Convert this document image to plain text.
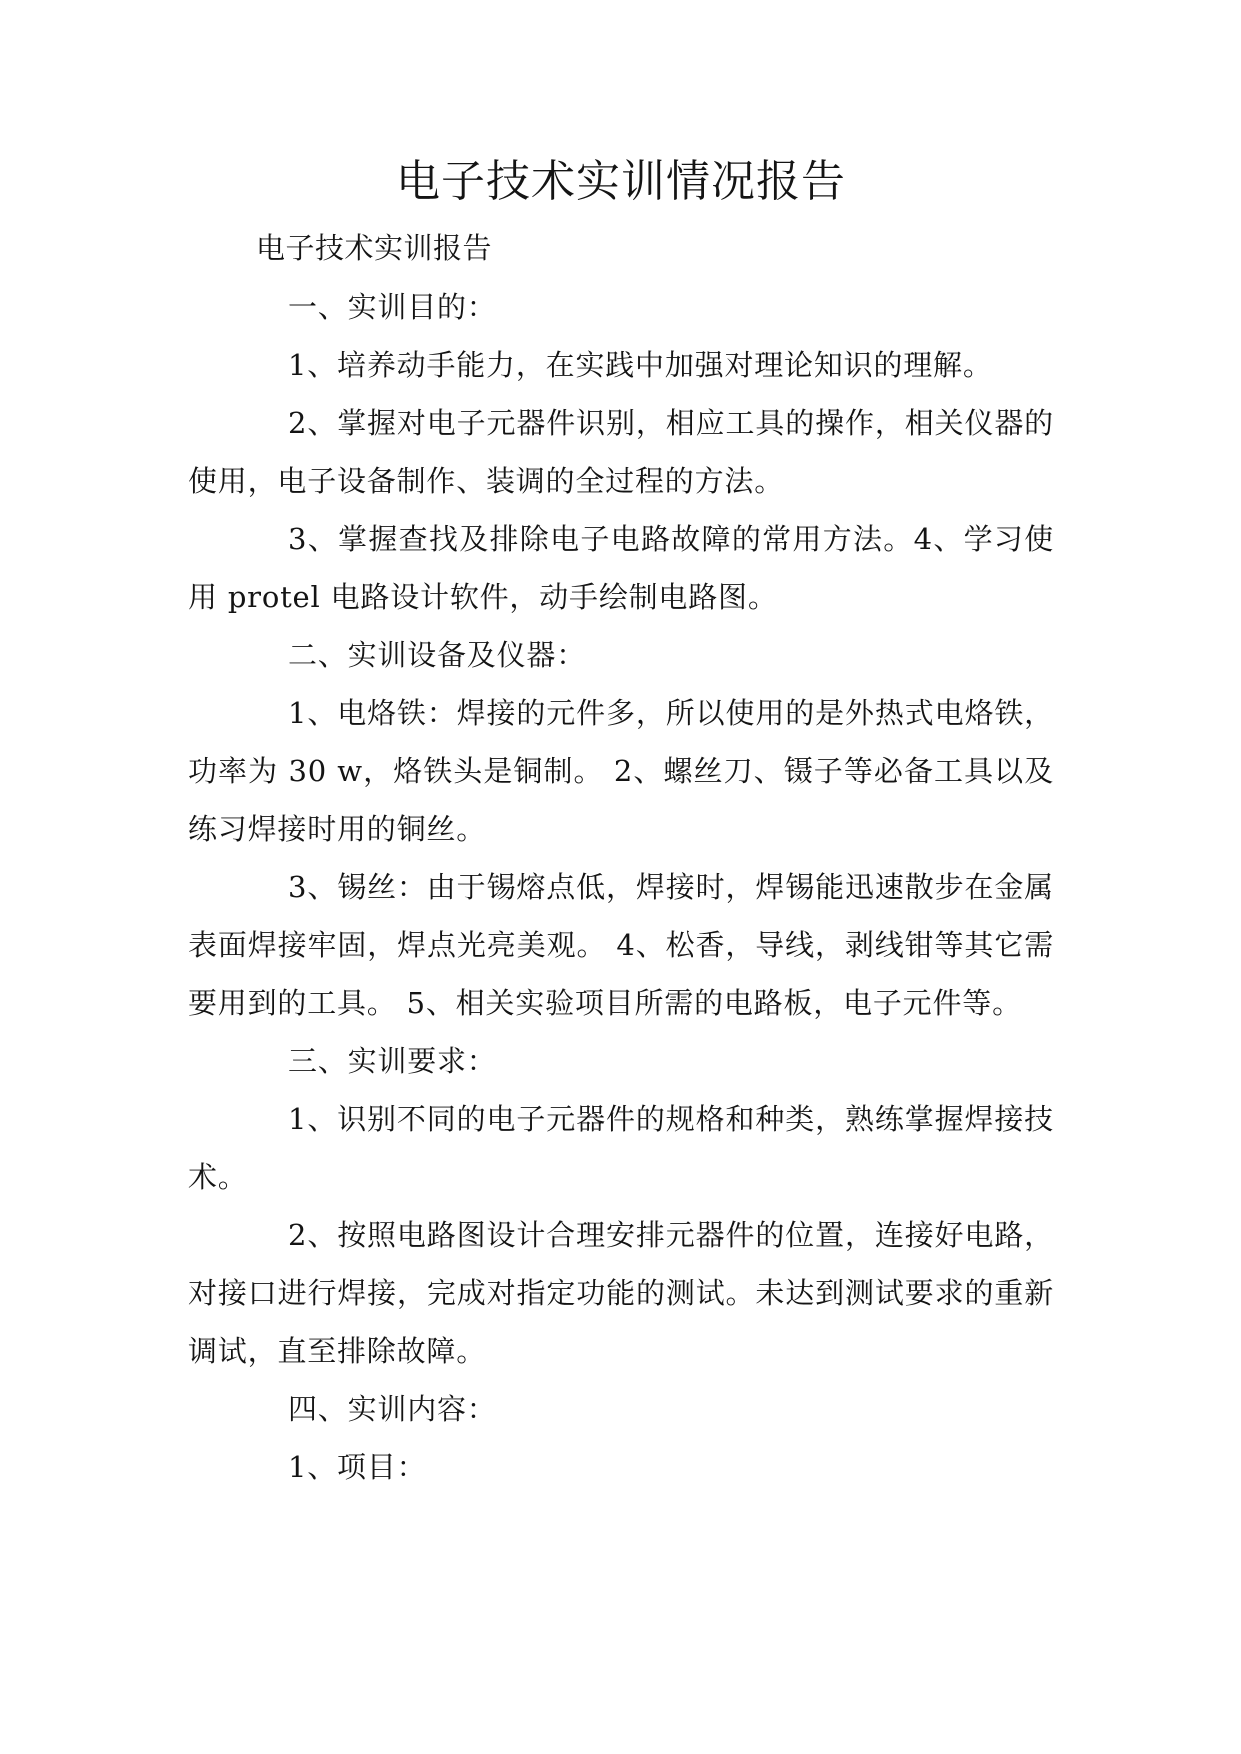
电子技术实训情况报告

电子技术实训报告

一、实训目的：

1、培养动手能力，在实践中加强对理论知识的理解。

2、掌握对电子元器件识别，相应工具的操作，相关仪器的使用，电子设备制作、装调的全过程的方法。

3、掌握查找及排除电子电路故障的常用方法。4、学习使用 protel 电路设计软件，动手绘制电路图。

二、实训设备及仪器：

1、电烙铁：焊接的元件多，所以使用的是外热式电烙铁，功率为 30 w，烙铁头是铜制。 2、螺丝刀、镊子等必备工具以及练习焊接时用的铜丝。

3、锡丝：由于锡熔点低，焊接时，焊锡能迅速散步在金属表面焊接牢固，焊点光亮美观。 4、松香，导线，剥线钳等其它需要用到的工具。 5、相关实验项目所需的电路板，电子元件等。

三、实训要求：

1、识别不同的电子元器件的规格和种类，熟练掌握焊接技术。

2、按照电路图设计合理安排元器件的位置，连接好电路，对接口进行焊接，完成对指定功能的测试。未达到测试要求的重新调试，直至排除故障。

四、实训内容：

1、项目：
